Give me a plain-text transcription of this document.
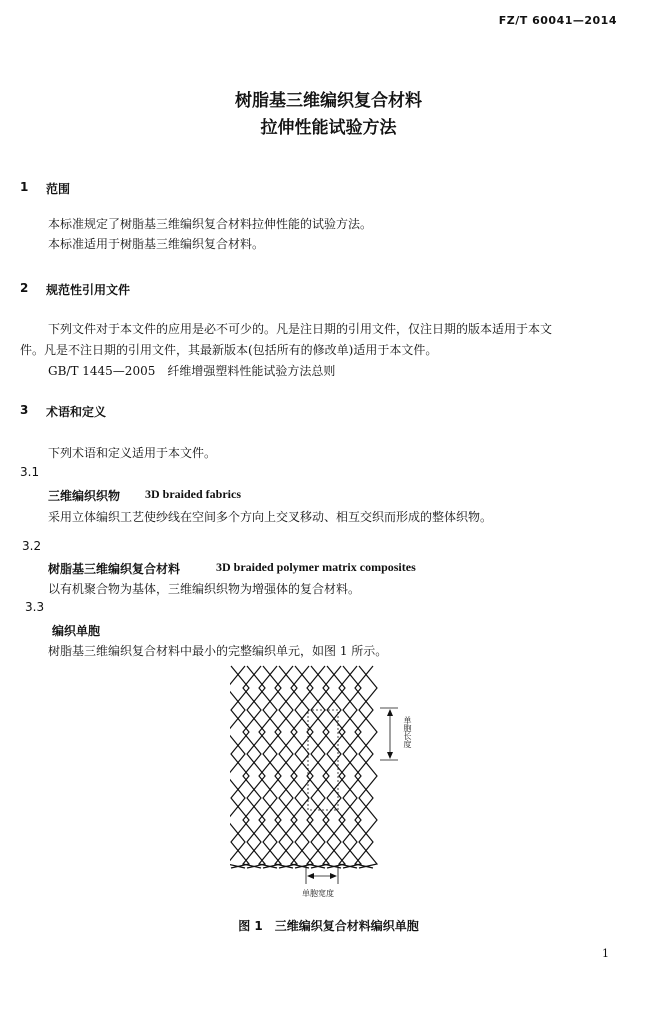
FZ/T 60041—2014
树脂基三维编织复合材料
拉伸性能试验方法
1 范围
本标准规定了树脂基三维编织复合材料拉伸性能的试验方法。
本标准适用于树脂基三维编织复合材料。
2 规范性引用文件
下列文件对于本文件的应用是必不可少的。凡是注日期的引用文件，仅注日期的版本适用于本文
件。凡是不注日期的引用文件，其最新版本(包括所有的修改单)适用于本文件。
GB/T 1445—2005　纤维增强塑料性能试验方法总则
3 术语和定义
下列术语和定义适用于本文件。
3.1
三维编织织物 3D braided fabrics
采用立体编织工艺使纱线在空间多个方向上交叉移动、相互交织而形成的整体织物。
3.2
树脂基三维编织复合材料	3D braided polymer matrix composites
以有机聚合物为基体，三维编织织物为增强体的复合材料。
3.3
编织单胞
树脂基三维编织复合材料中最小的完整编织单元，如图 1 所示。
单胞长度
单胞宽度
图 1　三维编织复合材料编织单胞
1
